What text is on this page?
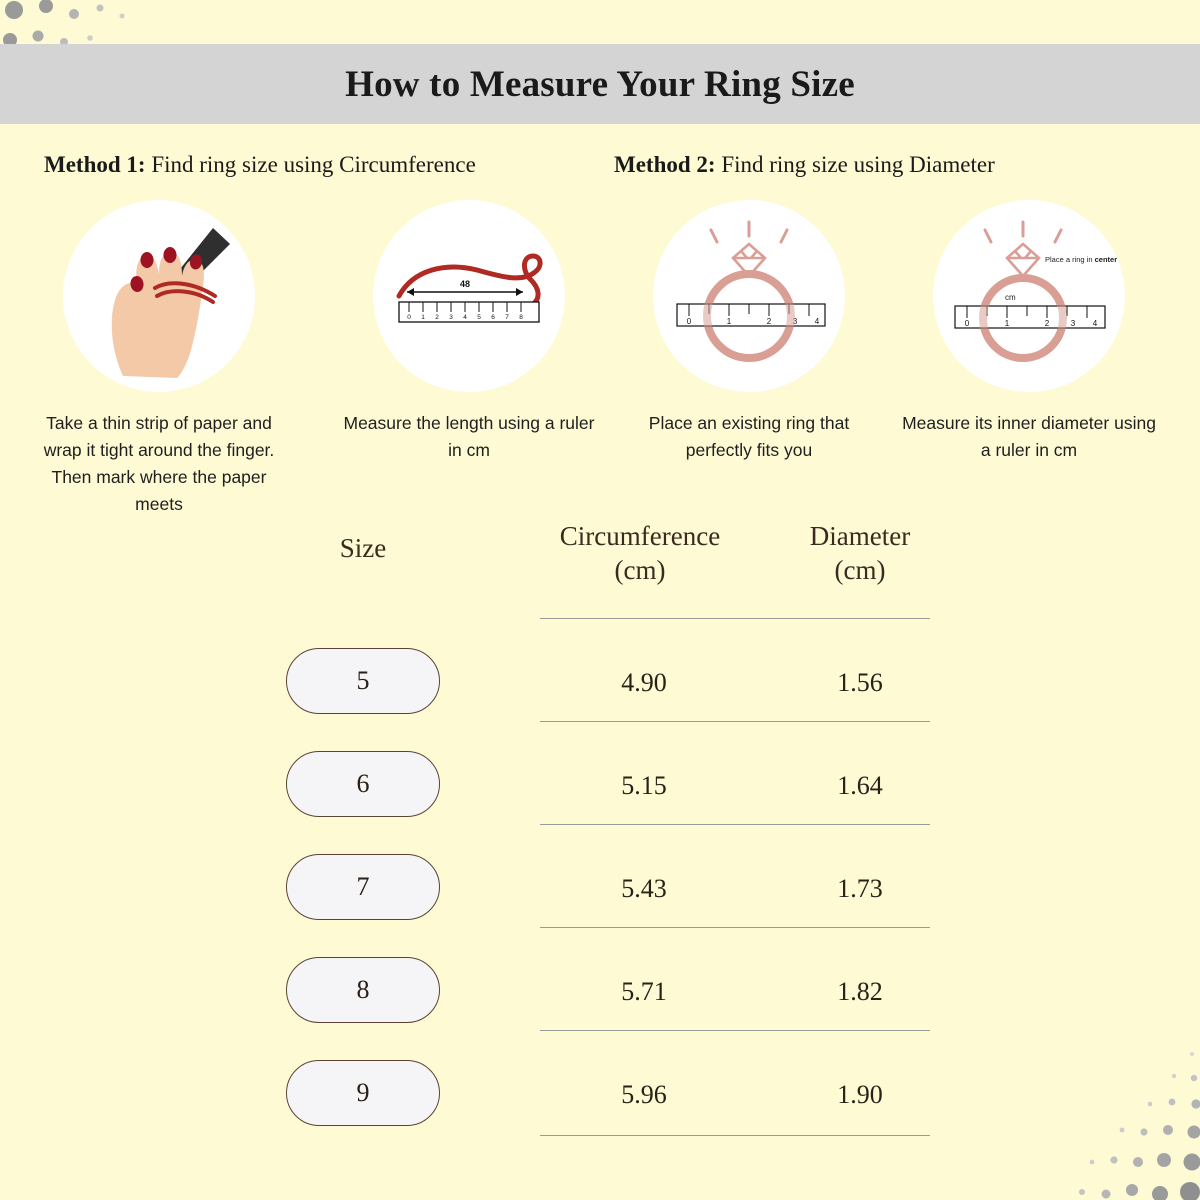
How to Measure Your Ring Size
Method 1: Find ring size using Circumference	Method 2: Find ring size using Diameter
Take a thin strip of paper and wrap it tight around the finger. Then mark where the paper meets
48
0 1 2 3 4 5 6 7 8
Measure the length using a ruler in cm
0	1	2	3 4
Place an existing ring that perfectly fits you
Place a ring in center
cm
0	1	2	3 4
Measure its inner diameter using a ruler in cm
Size	Circumference
(cm)
Diameter
(cm)
5	4.90	1.56
6	5.15	1.64
7	5.43	1.73
8	5.71	1.82
9	5.96	1.90
